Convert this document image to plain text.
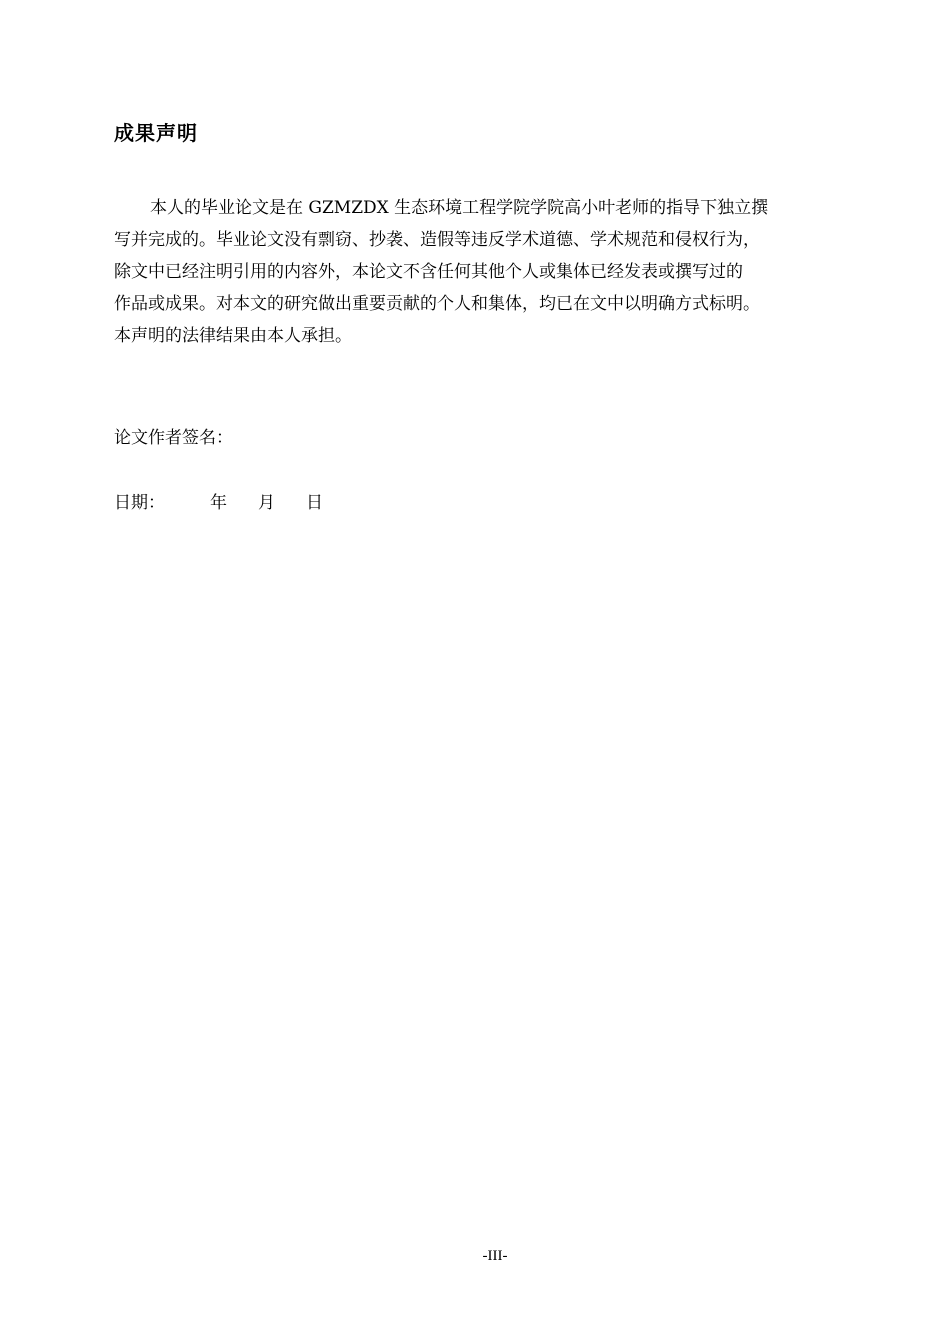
成果声明
本人的毕业论文是在 GZMZDX 生态环境工程学院学院高小叶老师的指导下独立撰
写并完成的。毕业论文没有剽窃、抄袭、造假等违反学术道德、学术规范和侵权行为，
除文中已经注明引用的内容外，本论文不含任何其他个人或集体已经发表或撰写过的
作品或成果。对本文的研究做出重要贡献的个人和集体，均已在文中以明确方式标明。
本声明的法律结果由本人承担。
论文作者签名：
日期：	年 月 日
-III-
